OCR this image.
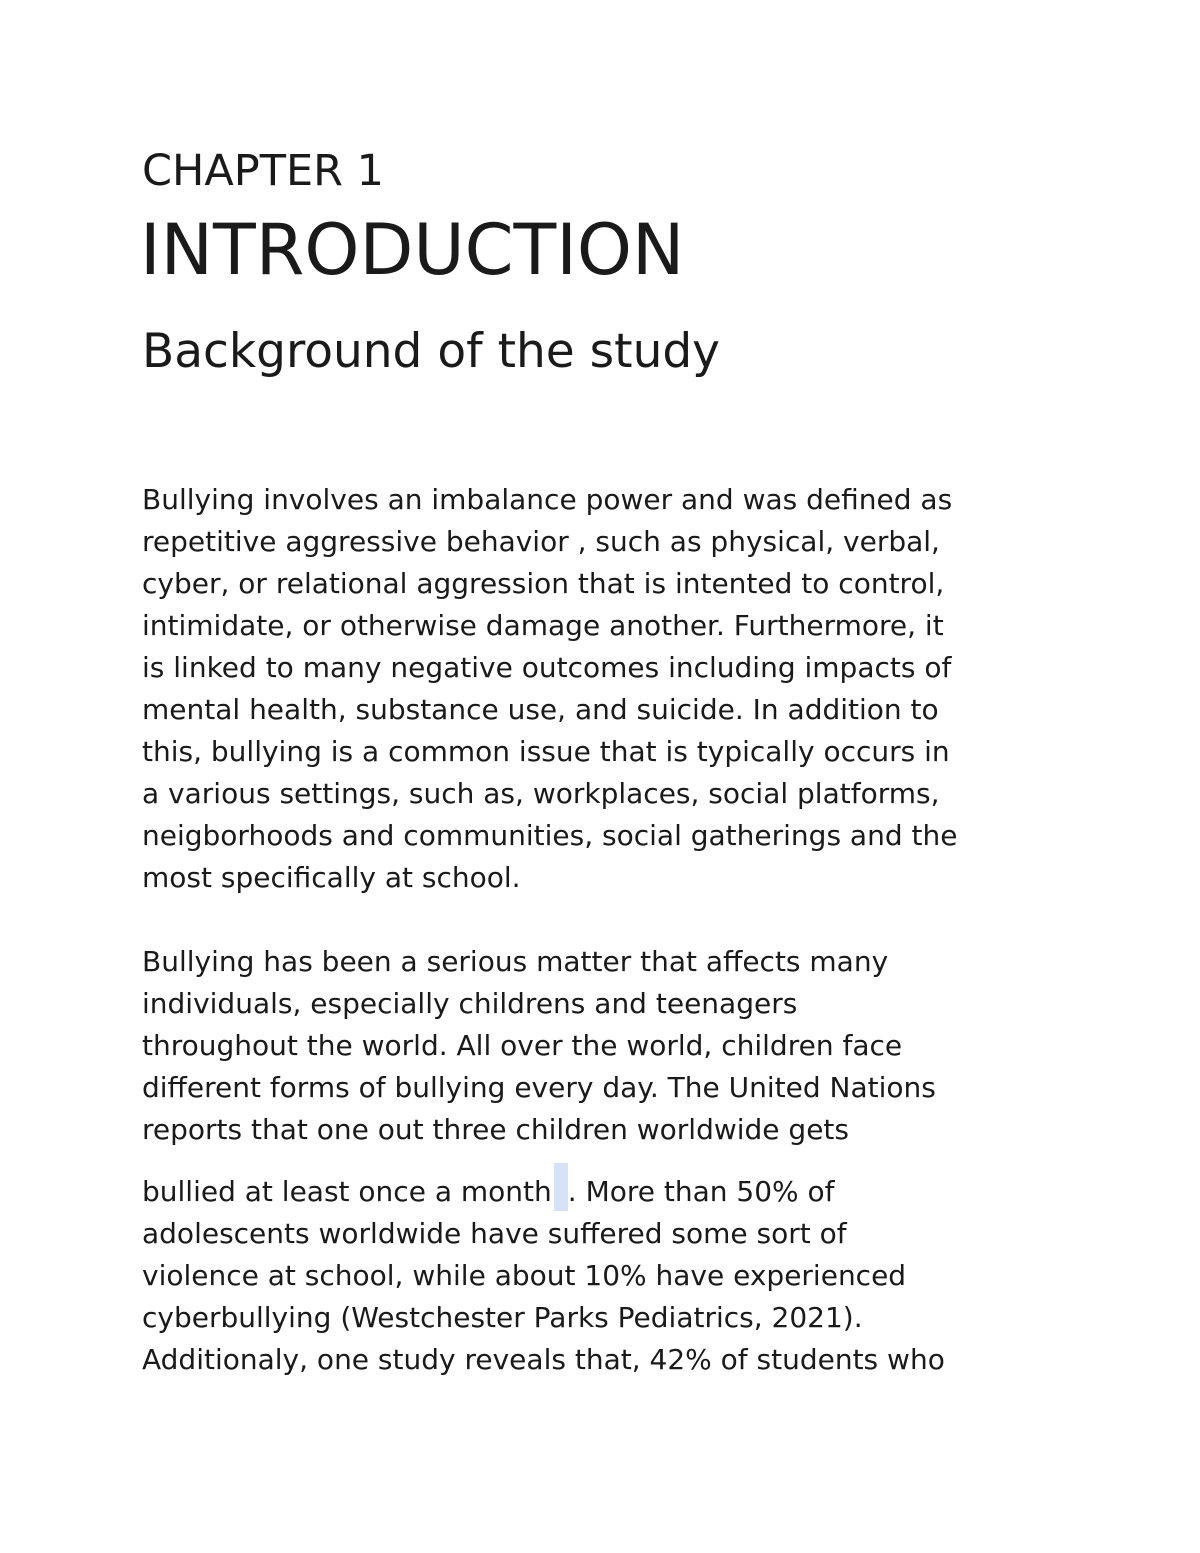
CHAPTER 1
INTRODUCTION
Background of the study

Bullying involves an imbalance power and was defined as
repetitive aggressive behavior , such as physical, verbal,
cyber, or relational aggression that is intented to control,
intimidate, or otherwise damage another. Furthermore, it
is linked to many negative outcomes including impacts of
mental health, substance use, and suicide. In addition to
this, bullying is a common issue that is typically occurs in
a various settings, such as, workplaces, social platforms,
neigborhoods and communities, social gatherings and the
most specifically at school.

Bullying has been a serious matter that affects many
individuals, especially childrens and teenagers
throughout the world. All over the world, children face
different forms of bullying every day. The United Nations
reports that one out three children worldwide gets
bullied at least once a month . More than 50% of
adolescents worldwide have suffered some sort of
violence at school, while about 10% have experienced
cyberbullying (Westchester Parks Pediatrics, 2021).
Additionaly, one study reveals that, 42% of students who
